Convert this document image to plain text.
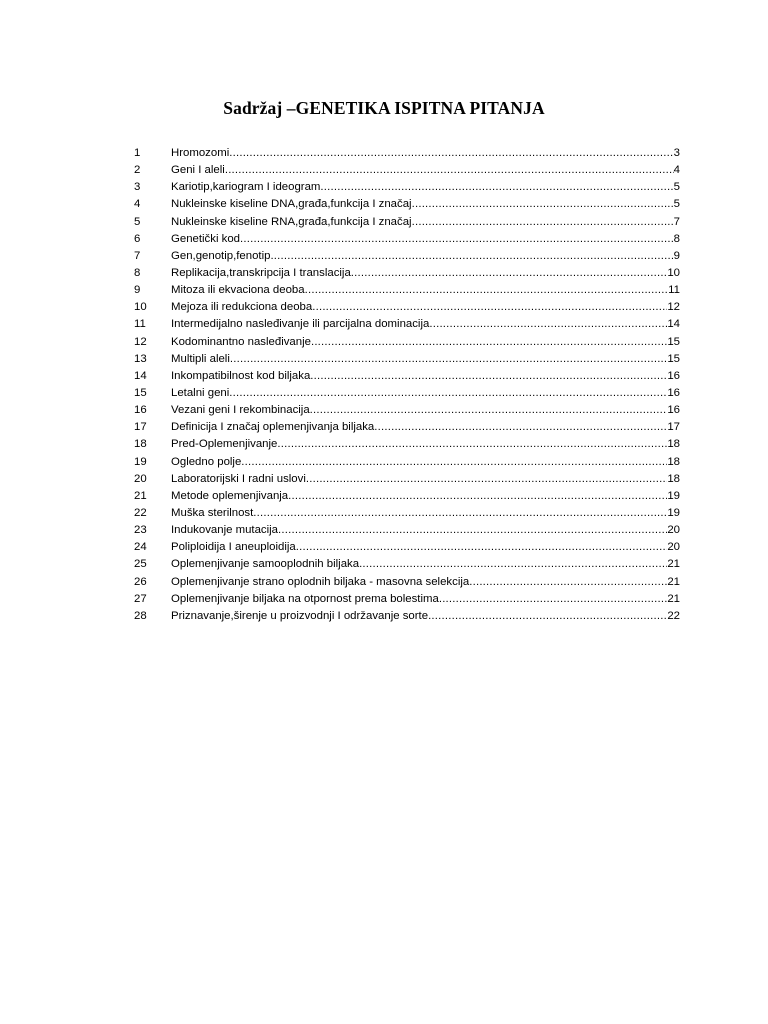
Sadržaj –GENETIKA ISPITNA PITANJA
1	Hromozomi .....	3
2	Geni I aleli .....	4
3	Kariotip,kariogram I ideogram .....	5
4	Nukleinske kiseline DNA,građa,funkcija I značaj .....	5
5	Nukleinske kiseline RNA,građa,funkcija I značaj .....	7
6	Genetički kod .....	8
7	Gen,genotip,fenotip .....	9
8	Replikacija,transkripcija I translacija .....	10
9	Mitoza ili ekvaciona deoba .....	11
10	Mejoza ili redukciona deoba .....	12
11	Intermedijalno nasleđivanje ili parcijalna dominacija .....	14
12	Kodominantno nasleđivanje .....	15
13	Multipli aleli .....	15
14	Inkompatibilnost kod biljaka .....	16
15	Letalni geni .....	16
16	Vezani geni I rekombinacija .....	16
17	Definicija I značaj oplemenjivanja biljaka .....	17
18	Pred-Oplemenjivanje .....	18
19	Ogledno polje .....	18
20	Laboratorijski I radni uslovi .....	18
21	Metode oplemenjivanja .....	19
22	Muška sterilnost .....	19
23	Indukovanje mutacija .....	20
24	Poliploidija I aneuploidija .....	20
25	Oplemenjivanje samooplodnih biljaka .....	21
26	Oplemenjivanje strano oplodnih biljaka - masovna selekcija .....	21
27	Oplemenjivanje biljaka na otpornost prema bolestima .....	21
28	Priznavanje,širenje u proizvodnji I održavanje sorte .....	22
